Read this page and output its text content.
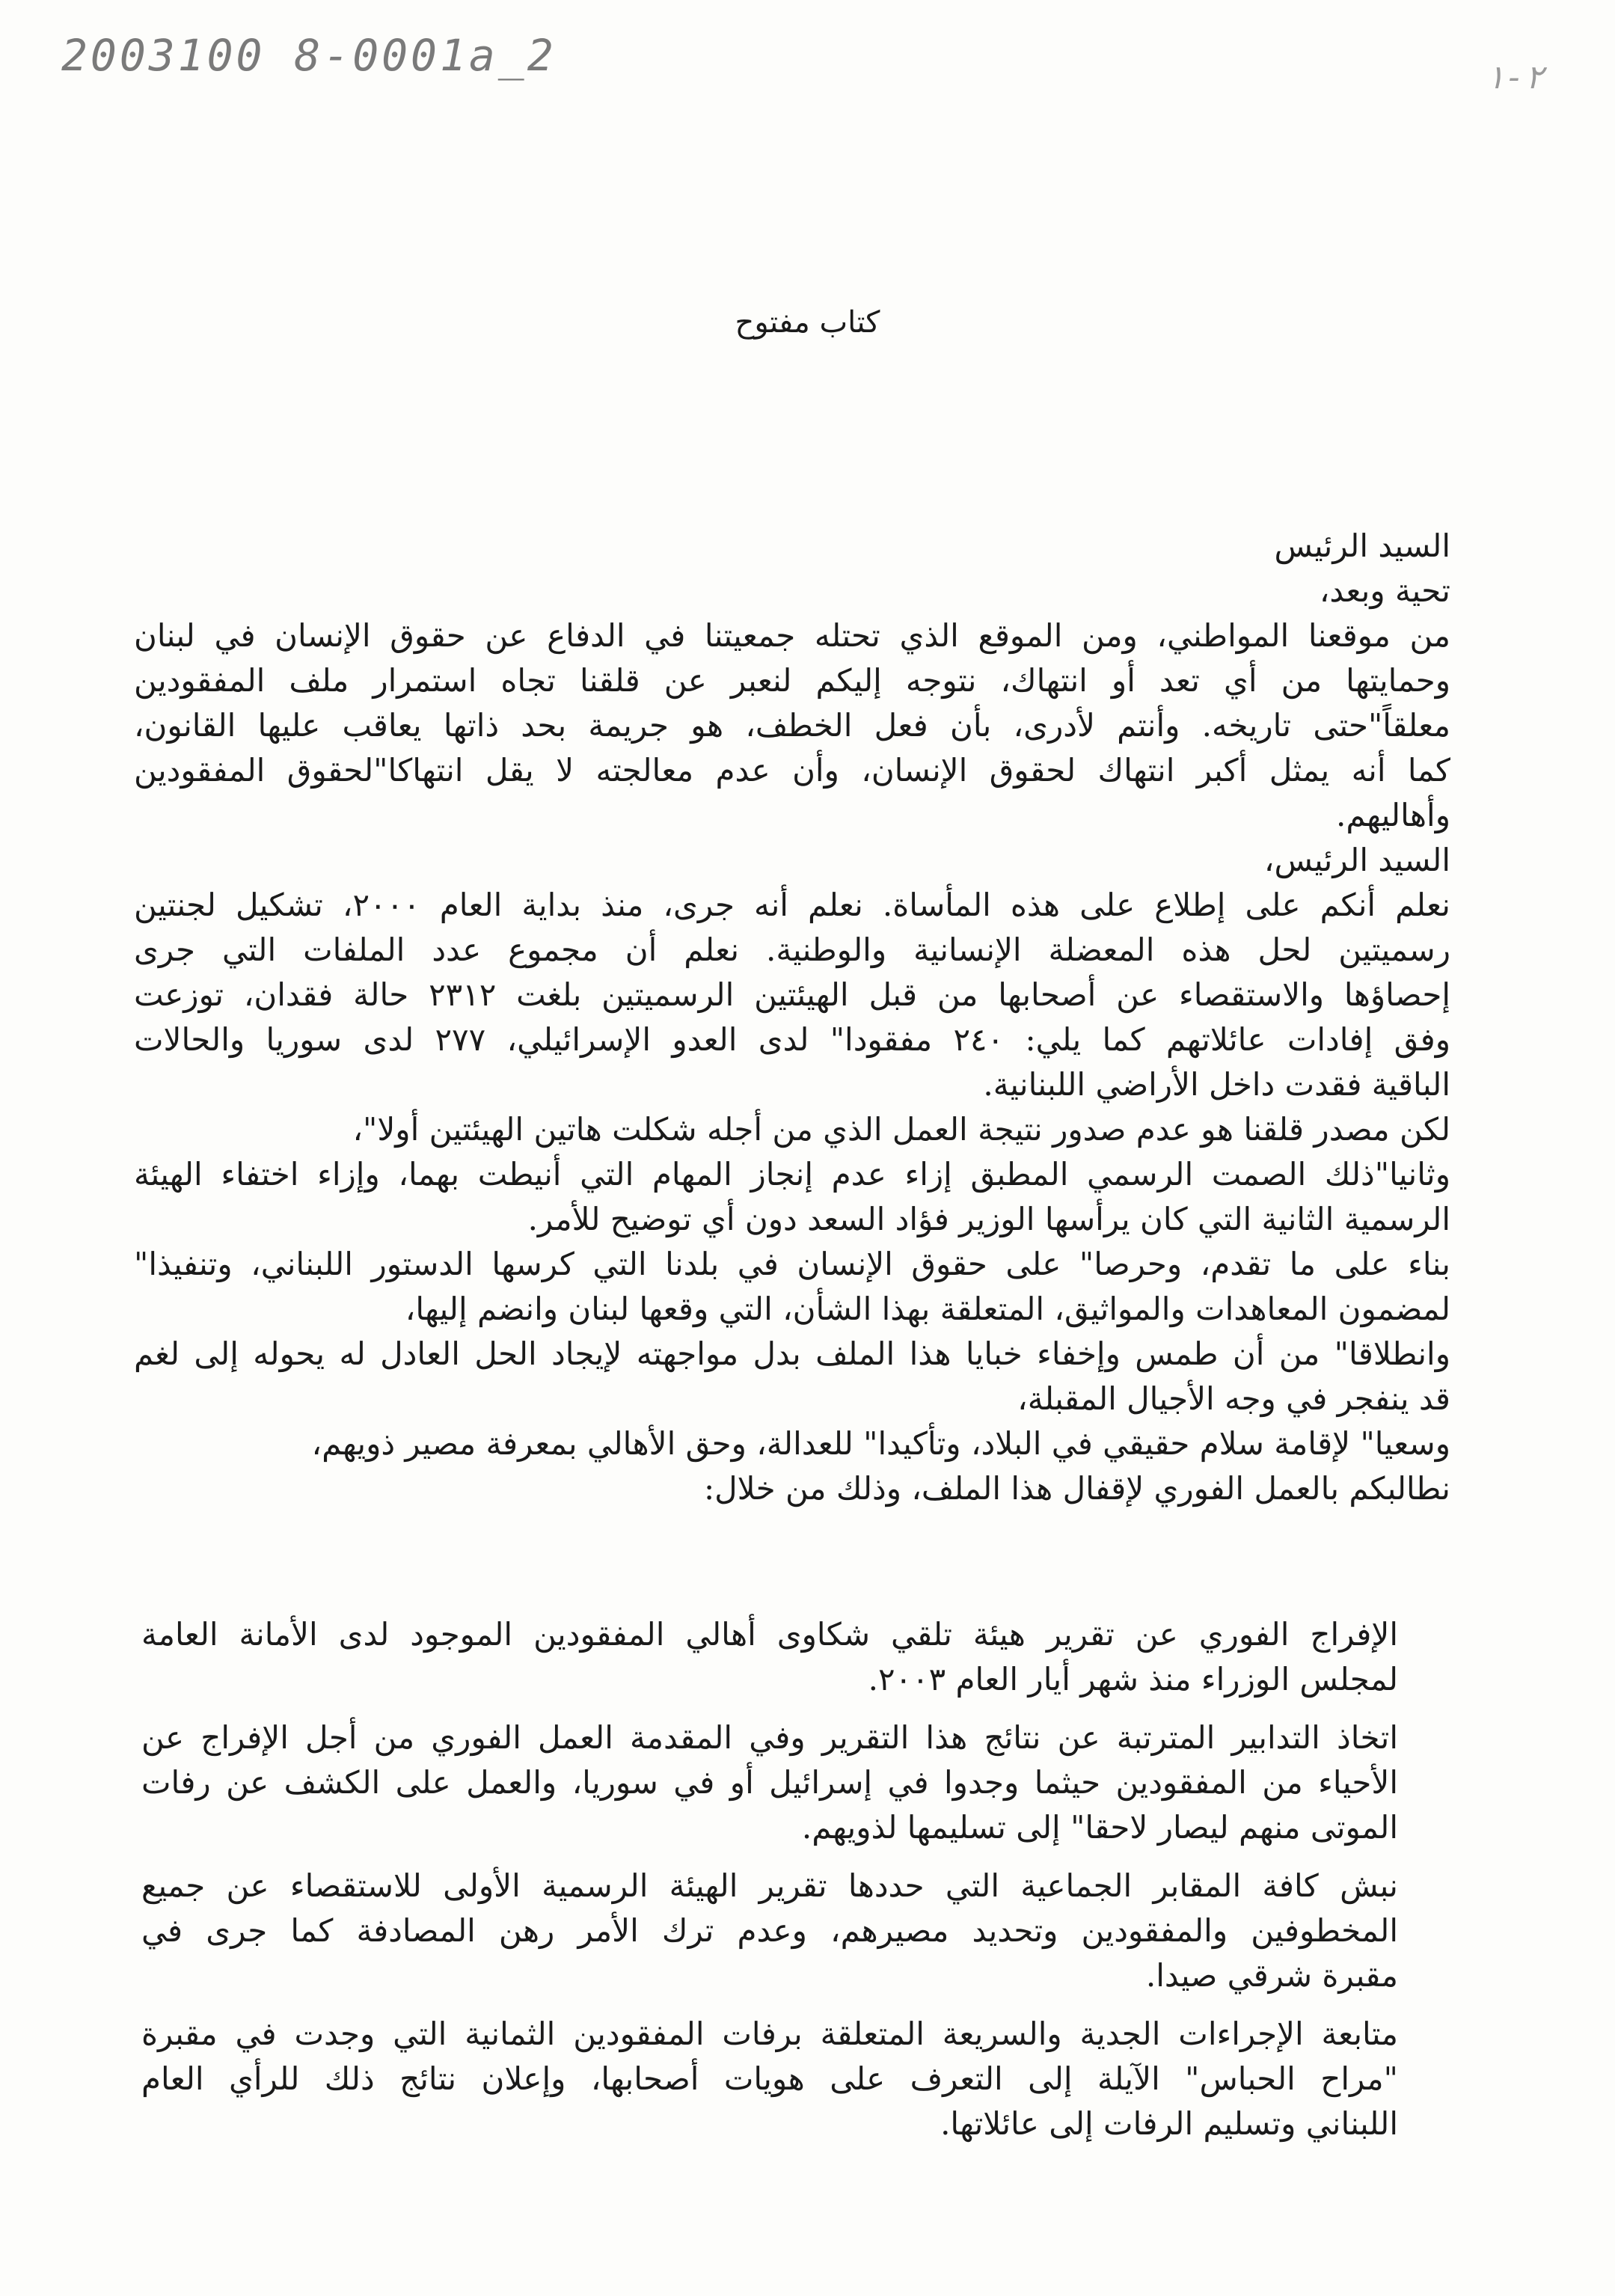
2003100 8-0001a_2	٢-١
كتاب مفتوح
السيد الرئيس
تحية وبعد،
من موقعنا المواطني، ومن الموقع الذي تحتله جمعيتنا في الدفاع عن حقوق الإنسان في لبنان
وحمايتها من أي تعد أو انتهاك، نتوجه إليكم لنعبر عن قلقنا تجاه استمرار ملف المفقودين
معلقاً"حتى تاريخه. وأنتم لأدرى، بأن فعل الخطف، هو جريمة بحد ذاتها يعاقب عليها القانون،
كما أنه يمثل أكبر انتهاك لحقوق الإنسان، وأن عدم معالجته لا يقل انتهاكا"لحقوق المفقودين
وأهاليهم.
السيد الرئيس،
نعلم أنكم على إطلاع على هذه المأساة. نعلم أنه جرى، منذ بداية العام ٢٠٠٠، تشكيل لجنتين
رسميتين لحل هذه المعضلة الإنسانية والوطنية. نعلم أن مجموع عدد الملفات التي جرى
إحصاؤها والاستقصاء عن أصحابها من قبل الهيئتين الرسميتين بلغت ٢٣١٢ حالة فقدان، توزعت
وفق إفادات عائلاتهم كما يلي: ٢٤٠ مفقودا" لدى العدو الإسرائيلي، ٢٧٧ لدى سوريا والحالات
الباقية فقدت داخل الأراضي اللبنانية.
لكن مصدر قلقنا هو عدم صدور نتيجة العمل الذي من أجله شكلت هاتين الهيئتين أولا"،
وثانيا"ذلك الصمت الرسمي المطبق إزاء عدم إنجاز المهام التي أنيطت بهما، وإزاء اختفاء الهيئة
الرسمية الثانية التي كان يرأسها الوزير فؤاد السعد دون أي توضيح للأمر.
بناء على ما تقدم، وحرصا" على حقوق الإنسان في بلدنا التي كرسها الدستور اللبناني، وتنفيذا"
لمضمون المعاهدات والمواثيق، المتعلقة بهذا الشأن، التي وقعها لبنان وانضم إليها،
وانطلاقا" من أن طمس وإخفاء خبايا هذا الملف بدل مواجهته لإيجاد الحل العادل له يحوله إلى لغم
قد ينفجر في وجه الأجيال المقبلة،
وسعيا" لإقامة سلام حقيقي في البلاد، وتأكيدا" للعدالة، وحق الأهالي بمعرفة مصير ذويهم،
نطالبكم بالعمل الفوري لإقفال هذا الملف، وذلك من خلال:
الإفراج الفوري عن تقرير هيئة تلقي شكاوى أهالي المفقودين الموجود لدى الأمانة العامة
لمجلس الوزراء منذ شهر أيار العام ٢٠٠٣.
اتخاذ التدابير المترتبة عن نتائج هذا التقرير وفي المقدمة العمل الفوري من أجل الإفراج عن
الأحياء من المفقودين حيثما وجدوا في إسرائيل أو في سوريا، والعمل على الكشف عن رفات
الموتى منهم ليصار لاحقا" إلى تسليمها لذويهم.
نبش كافة المقابر الجماعية التي حددها تقرير الهيئة الرسمية الأولى للاستقصاء عن جميع
المخطوفين والمفقودين وتحديد مصيرهم، وعدم ترك الأمر رهن المصادفة كما جرى في
مقبرة شرقي صيدا.
متابعة الإجراءات الجدية والسريعة المتعلقة برفات المفقودين الثمانية التي وجدت في مقبرة
"مراح الحباس" الآيلة إلى التعرف على هويات أصحابها، وإعلان نتائج ذلك للرأي العام
اللبناني وتسليم الرفات إلى عائلاتها.
